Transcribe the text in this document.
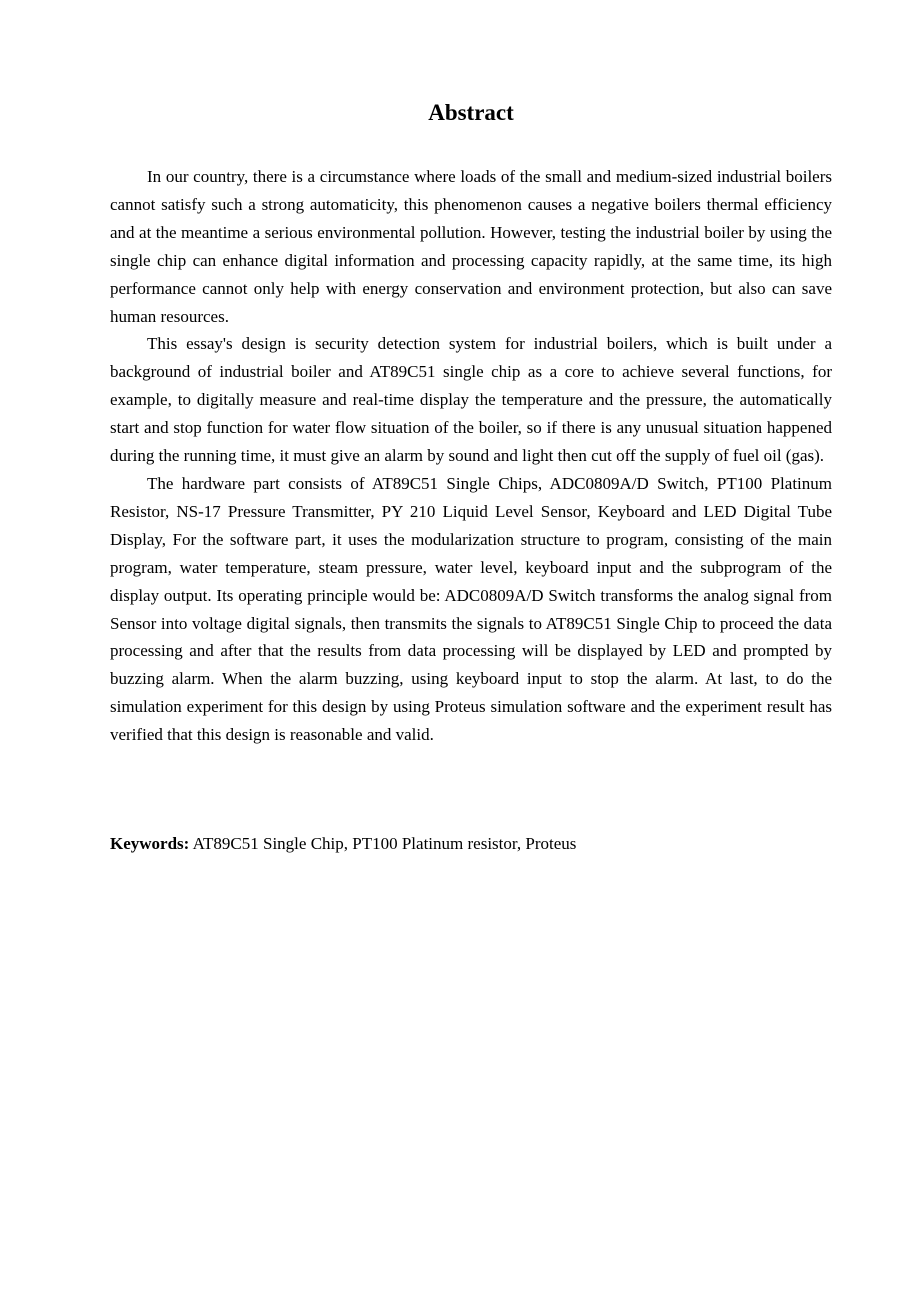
Abstract

In our country, there is a circumstance where loads of the small and medium-sized industrial boilers cannot satisfy such a strong automaticity, this phenomenon causes a negative boilers thermal efficiency and at the meantime a serious environmental pollution. However, testing the industrial boiler by using the single chip can enhance digital information and processing capacity rapidly, at the same time, its high performance cannot only help with energy conservation and environment protection, but also can save human resources.

This essay's design is security detection system for industrial boilers, which is built under a background of industrial boiler and AT89C51 single chip as a core to achieve several functions, for example, to digitally measure and real-time display the temperature and the pressure, the automatically start and stop function for water flow situation of the boiler, so if there is any unusual situation happened during the running time, it must give an alarm by sound and light then cut off the supply of fuel oil (gas).

The hardware part consists of AT89C51 Single Chips, ADC0809A/D Switch, PT100 Platinum Resistor, NS-17 Pressure Transmitter, PY 210 Liquid Level Sensor, Keyboard and LED Digital Tube Display, For the software part, it uses the modularization structure to program, consisting of the main program, water temperature, steam pressure, water level, keyboard input and the subprogram of the display output. Its operating principle would be: ADC0809A/D Switch transforms the analog signal from Sensor into voltage digital signals, then transmits the signals to AT89C51 Single Chip to proceed the data processing and after that the results from data processing will be displayed by LED and prompted by buzzing alarm. When the alarm buzzing, using keyboard input to stop the alarm. At last, to do the simulation experiment for this design by using Proteus simulation software and the experiment result has verified that this design is reasonable and valid.

Keywords: AT89C51 Single Chip, PT100 Platinum resistor, Proteus
